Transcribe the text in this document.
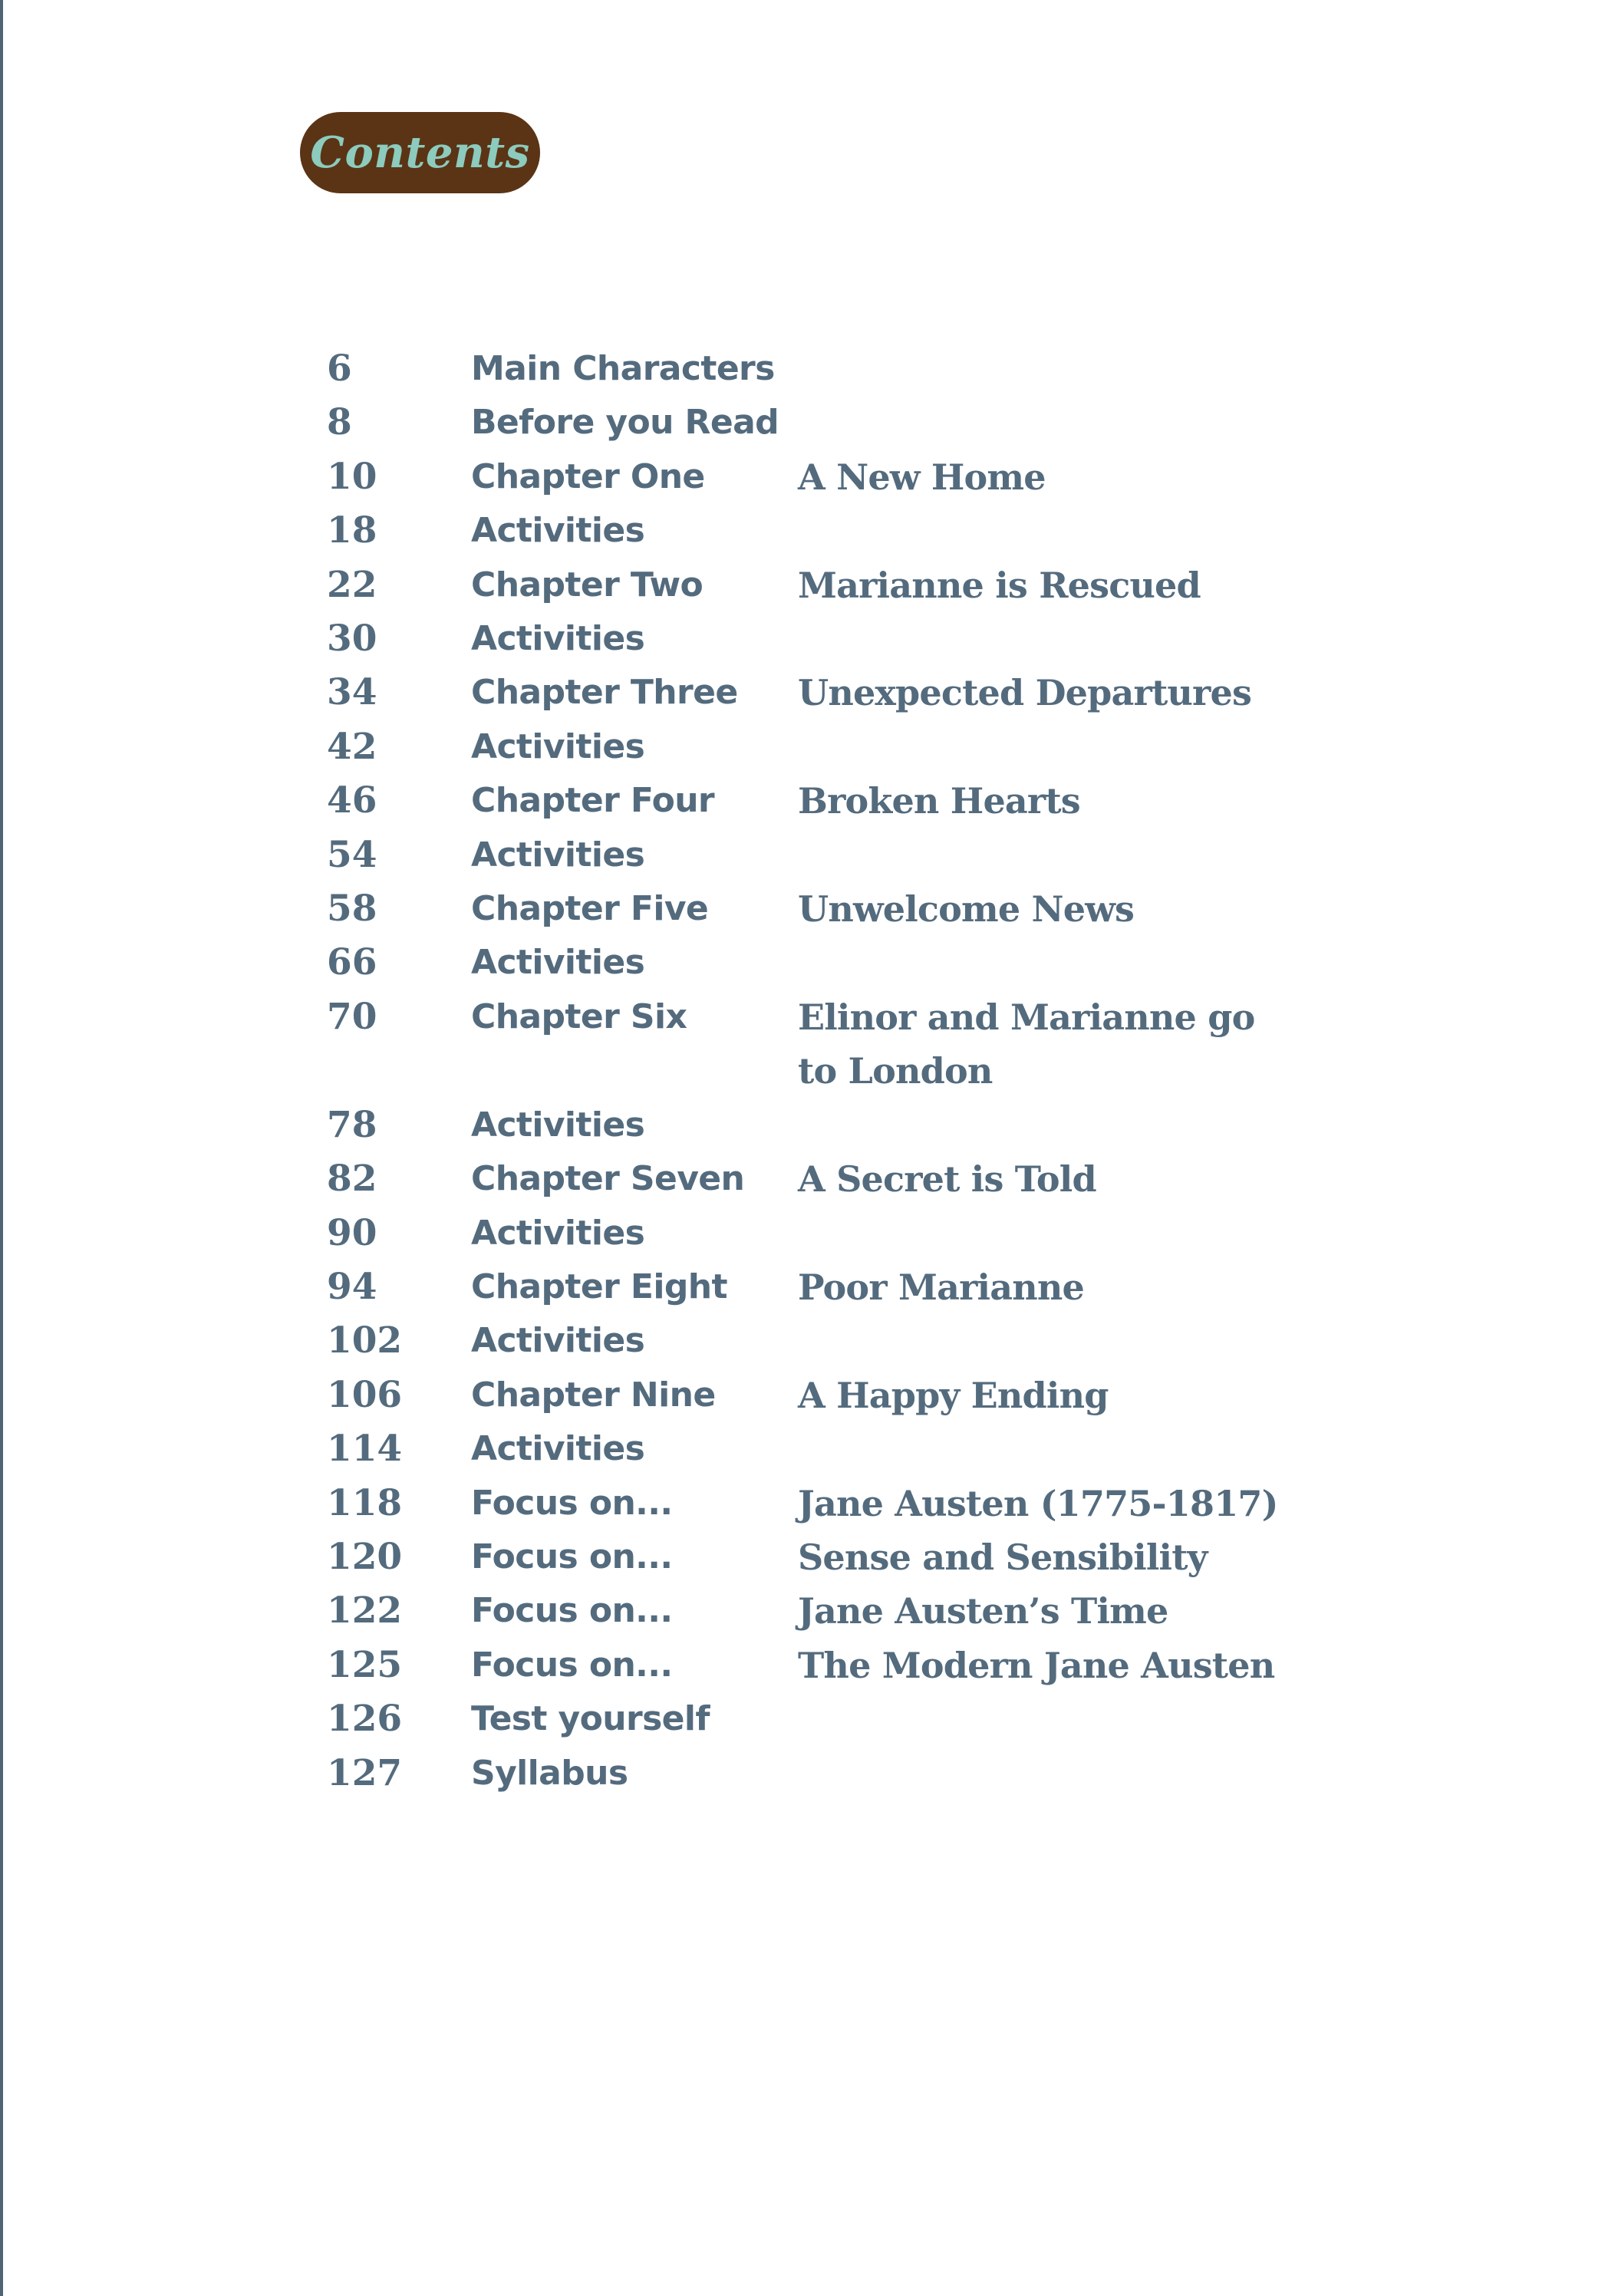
Contents
6	Main Characters
8	Before you Read
10	Chapter One	A New Home
18	Activities
22	Chapter Two	Marianne is Rescued
30	Activities
34	Chapter Three	Unexpected Departures
42	Activities
46	Chapter Four	Broken Hearts
54	Activities
58	Chapter Five	Unwelcome News
66	Activities
70	Chapter Six	Elinor and Marianne go to London
78	Activities
82	Chapter Seven	A Secret is Told
90	Activities
94	Chapter Eight	Poor Marianne
102	Activities
106	Chapter Nine	A Happy Ending
114	Activities
118	Focus on...	Jane Austen (1775-1817)
120	Focus on...	Sense and Sensibility
122	Focus on...	Jane Austen’s Time
125	Focus on...	The Modern Jane Austen
126	Test yourself
127	Syllabus
